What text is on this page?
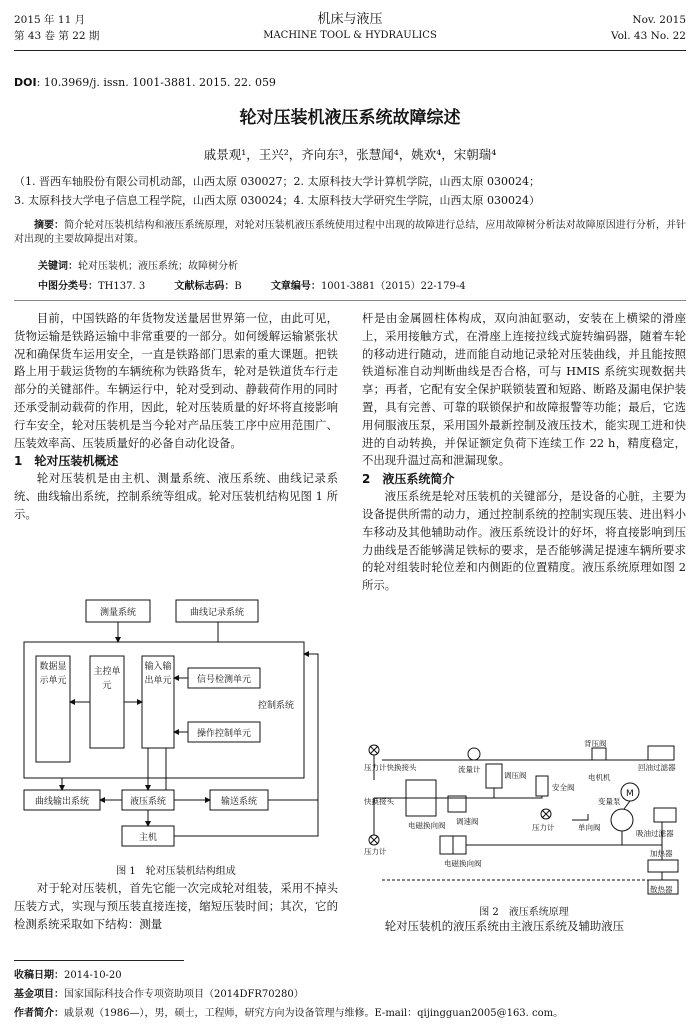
2015 年 11 月
第 43 卷 第 22 期
机床与液压
MACHINE TOOL & HYDRAULICS
Nov. 2015
Vol. 43 No. 22
DOI: 10.3969/j. issn. 1001-3881. 2015. 22. 059
轮对压装机液压系统故障综述
戚景观¹，王兴²，齐向东³，张慧闻⁴，姚欢⁴，宋朝瑞⁴
（1. 晋西车轴股份有限公司机动部，山西太原 030027；2. 太原科技大学计算机学院，山西太原 030024；
3. 太原科技大学电子信息工程学院，山西太原 030024；4. 太原科技大学研究生学院，山西太原 030024）
摘要：简介轮对压装机结构和液压系统原理，对轮对压装机液压系统使用过程中出现的故障进行总结，应用故障树分析法对故障原因进行分析，并针对出现的主要故障提出对策。
关键词：轮对压装机；液压系统；故障树分析
中图分类号：TH137. 3	文献标志码：B	文章编号：1001-3881（2015）22-179-4

目前，中国铁路的年货物发送量居世界第一位，由此可见，货物运输是铁路运输中非常重要的一部分。如何缓解运输紧张状况和确保货车运用安全，一直是铁路部门思索的重大课题。把铁路上用于载运货物的车辆统称为铁路货车，轮对是铁道货车行走部分的关键部件。车辆运行中，轮对受到动、静载荷作用的同时还承受制动载荷的作用，因此，轮对压装质量的好坏将直接影响行车安全，轮对压装机是当今轮对产品压装工序中应用范围广、压装效率高、压装质量好的必备自动化设备。

1　轮对压装机概述

轮对压装机是由主机、测量系统、液压系统、曲线记录系统、曲线输出系统，控制系统等组成。轮对压装机结构见图 1 所示。

测量系统	曲线记录系统
信号检测单元
控制系统
操作控制单元
曲线输出系统	液压系统	输送系统
主机
数据显示单元
主控单元
输入输出单元
图 1　轮对压装机结构组成

对于轮对压装机，首先它能一次完成轮对组装，采用不掉头压装方式，实现与预压装直接连接，缩短压装时间；其次，它的检测系统采取如下结构：测量

杆是由金属圆柱体构成，双向油缸驱动，安装在上横梁的滑座上，采用接触方式，在滑座上连接拉线式旋转编码器，随着车轮的移动进行随动，进而能自动地记录轮对压装曲线，并且能按照铁道标准自动判断曲线是否合格，可与 HMIS 系统实现数据共享；再者，它配有安全保护联锁装置和短路、断路及漏电保护装置，具有完善、可靠的联锁保护和故障报警等功能；最后，它选用伺服液压泵，采用国外最新控制及液压技术，能实现工进和快进的自动转换，并保证额定负荷下连续工作 22 h，精度稳定，不出现升温过高和泄漏现象。

2　液压系统简介

液压系统是轮对压装机的关键部分，是设备的心脏，主要为设备提供所需的动力，通过控制系统的控制实现压装、进出料小车移动及其他辅助动作。液压系统设计的好坏，将直接影响到压力曲线是否能够满足铁标的要求，是否能够满足提速车辆所要求的轮对组装时轮位差和内侧距的位置精度。液压系统原理如图 2 所示。

压力计快换接头	流量计
背压阀
回油过滤器
快换接头
电磁换向阀
调压阀
安全阀
电机机
M
变量泵
调速阀
压力计	单向阀
吸油过滤器
压力计
电磁换向阀
加热器
散热器
图 2　液压系统原理

轮对压装机的液压系统由主液压系统及辅助液压

收稿日期：2014-10-20
基金项目：国家国际科技合作专项资助项目（2014DFR70280）
作者简介：戚景观（1986—），男，硕士，工程师，研究方向为设备管理与维修。E-mail：qijingguan2005@163. com。
